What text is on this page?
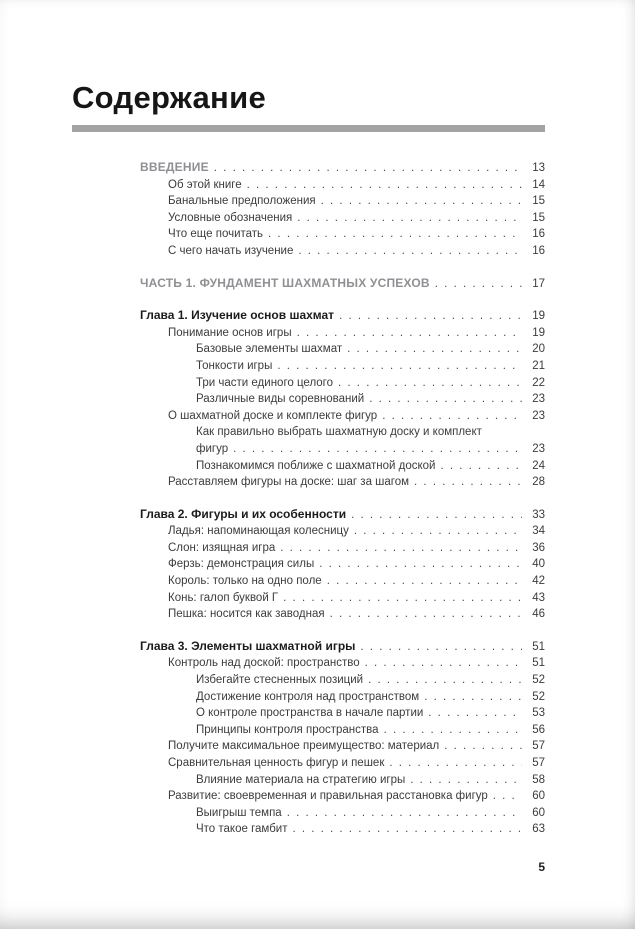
Содержание
ВВЕДЕНИЕ . . .	13
Об этой книге . . .	14
Банальные предположения . . .	15
Условные обозначения . . .	15
Что еще почитать . . .	16
С чего начать изучение . . .	16
ЧАСТЬ 1. ФУНДАМЕНТ ШАХМАТНЫХ УСПЕХОВ . . .	17
Глава 1. Изучение основ шахмат . . .	19
Понимание основ игры . . .	19
Базовые элементы шахмат . . .	20
Тонкости игры . . .	21
Три части единого целого . . .	22
Различные виды соревнований . . .	23
О шахматной доске и комплекте фигур . . .	23
Как правильно выбрать шахматную доску и комплект
фигур . . .	23
Познакомимся поближе с шахматной доской . . .	24
Расставляем фигуры на доске: шаг за шагом . . .	28
Глава 2. Фигуры и их особенности . . .	33
Ладья: напоминающая колесницу . . .	34
Слон: изящная игра . . .	36
Ферзь: демонстрация силы . . .	40
Король: только на одно поле . . .	42
Конь: галоп буквой Г . . .	43
Пешка: носится как заводная . . .	46
Глава 3. Элементы шахматной игры . . .	51
Контроль над доской: пространство . . .	51
Избегайте стесненных позиций . . .	52
Достижение контроля над пространством . . .	52
О контроле пространства в начале партии . . .	53
Принципы контроля пространства . . .	56
Получите максимальное преимущество: материал . . .	57
Сравнительная ценность фигур и пешек . . .	57
Влияние материала на стратегию игры . . .	58
Развитие: своевременная и правильная расстановка фигур . . .	60
Выигрыш темпа . . .	60
Что такое гамбит . . .	63
5
